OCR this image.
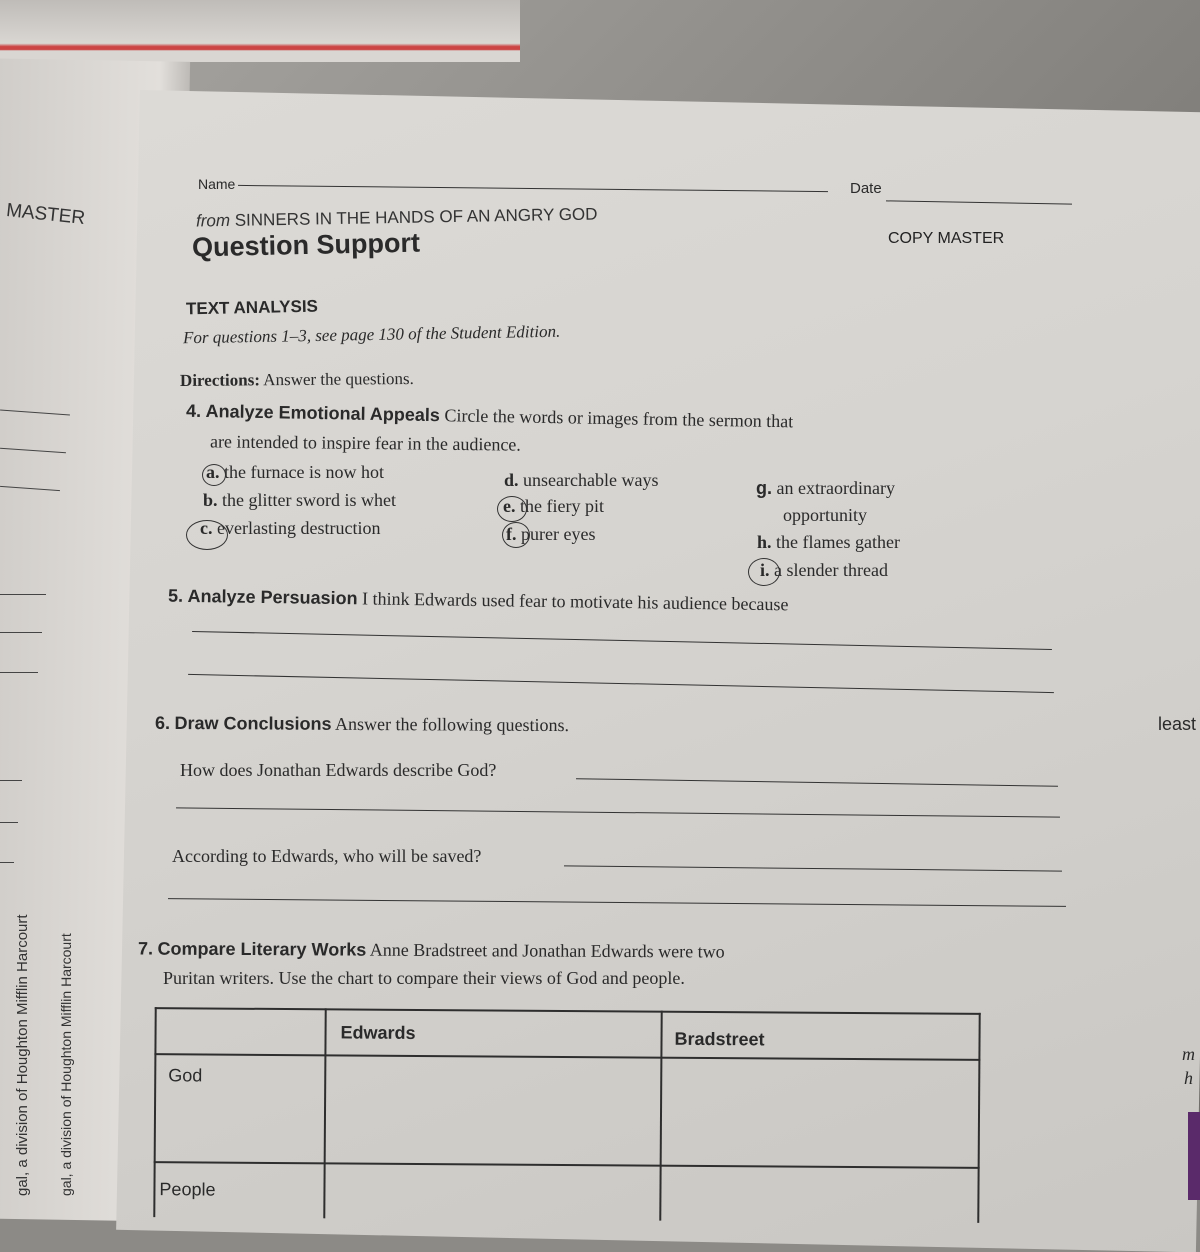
MASTER
gal, a division of Houghton Mifflin Harcourt gal, a division of Houghton Mifflin Harcourt
Name	Date
from SINNERS IN THE HANDS OF AN ANGRY GOD
COPY MASTER
Question Support
TEXT ANALYSIS
For questions 1–3, see page 130 of the Student Edition.
Directions: Answer the questions.
4. Analyze Emotional Appeals Circle the words or images from the sermon that
are intended to inspire fear in the audience.
a. the furnace is now hot
b. the glitter sword is whet
c. everlasting destruction
d. unsearchable ways
e. the fiery pit
f. purer eyes
g. an extraordinary
opportunity
h. the flames gather
i. a slender thread
5. Analyze Persuasion I think Edwards used fear to motivate his audience because
6. Draw Conclusions Answer the following questions.
How does Jonathan Edwards describe God?
According to Edwards, who will be saved?
7. Compare Literary Works Anne Bradstreet and Jonathan Edwards were two
Puritan writers. Use the chart to compare their views of God and people.
Edwards	Bradstreet
God
People
least
m
h
